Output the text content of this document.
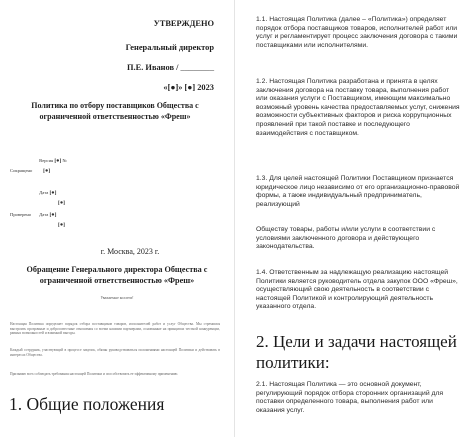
УТВЕРЖДЕНО
Генеральный директор
П.Е. Иванов / ________
«[●]» [●] 2023
Политика по отбору поставщиков Общества с ограниченной ответственностью «Фреш»
Версия [●] №
Сокращено [●]
Дата [●]
[●]
Проверено Дата [●]
[●]
г. Москва, 2023 г.
Обращение Генерального директора Общества с ограниченной ответственностью «Фреш»
Уважаемые коллеги!
Настоящая Политика определяет порядок отбора поставщиков товаров, исполнителей работ и услуг Общества. Мы стремимся выстроить прозрачные и добросовестные отношения со всеми нашими партнерами, основанные на принципах честной конкуренции, равных возможностей и взаимной выгоды.
Каждый сотрудник, участвующий в процессе закупок, обязан руководствоваться положениями настоящей Политики и действовать в интересах Общества.
Призываю всех соблюдать требования настоящей Политики и способствовать ее эффективному применению.
1. Общие положения
1.1. Настоящая Политика (далее – «Политика») определяет порядок отбора поставщиков товаров, исполнителей работ или услуг и регламентирует процесс заключения договора с такими поставщиками или исполнителями.
1.2. Настоящая Политика разработана и принята в целях заключения договора на поставку товара, выполнения работ или оказания услуги с Поставщиком, имеющим максимально возможный уровень качества предоставляемых услуг, снижения возможности субъективных факторов и риска коррупционных проявлений при такой поставке и последующего взаимодействия с поставщиком.
1.3. Для целей настоящей Политики Поставщиком признается юридическое лицо независимо от его организационно-правовой формы, а также индивидуальный предприниматель, реализующий
Обществу товары, работы и/или услуги в соответствии с условиями заключенного договора и действующего законодательства.
1.4. Ответственным за надлежащую реализацию настоящей Политики является руководитель отдела закупок ООО «Фреш», осуществляющий свою деятельность в соответствии с настоящей Политикой и контролирующий деятельность указанного отдела.
2. Цели и задачи настоящей политики:
2.1. Настоящая Политика — это основной документ, регулирующий порядок отбора сторонних организаций для поставки определенного товара, выполнения работ или оказания услуг.
